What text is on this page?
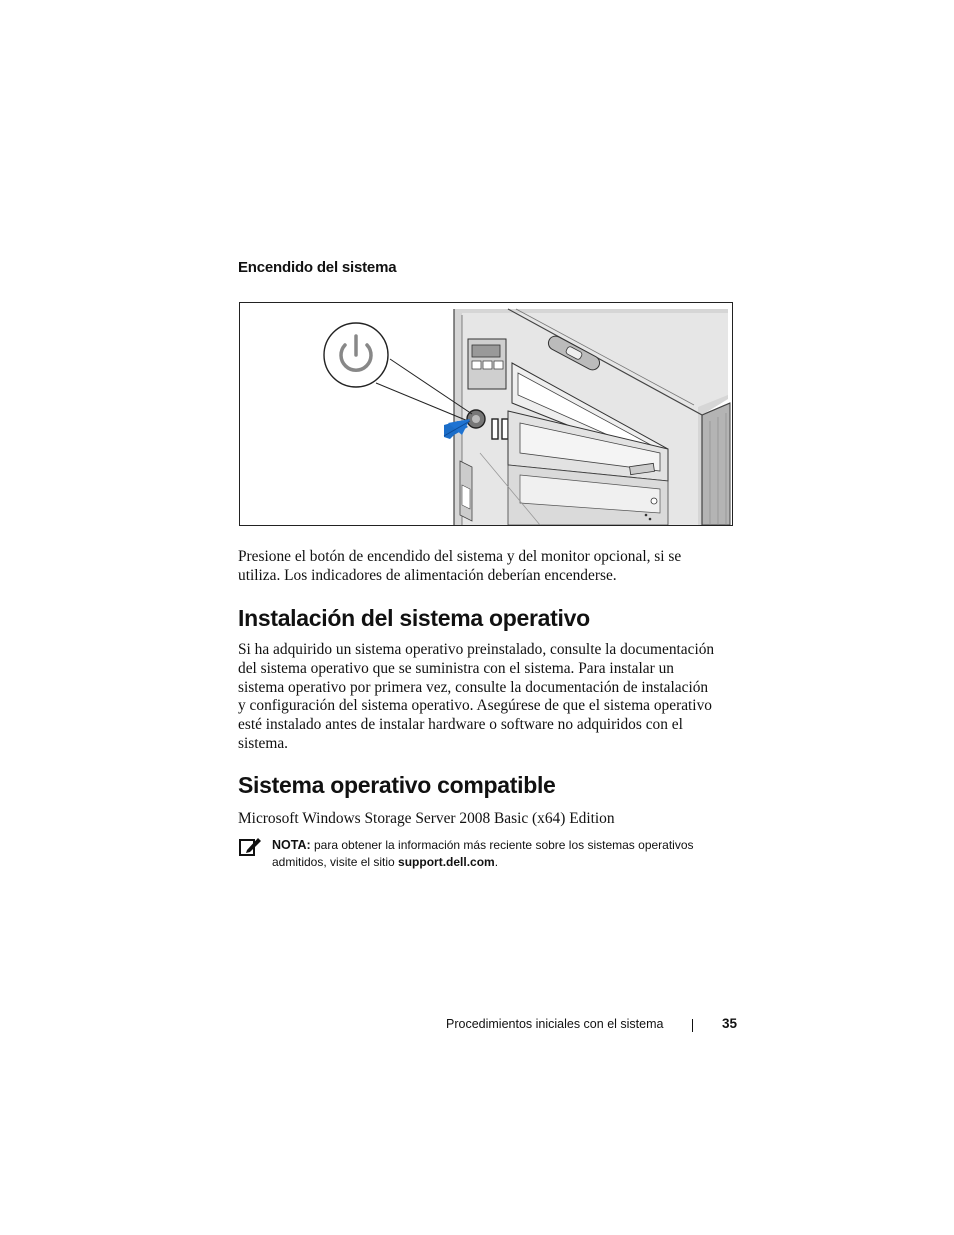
Encendido del sistema

Presione el botón de encendido del sistema y del monitor opcional, si se
utiliza. Los indicadores de alimentación deberían encenderse.

Instalación del sistema operativo

Si ha adquirido un sistema operativo preinstalado, consulte la documentación
del sistema operativo que se suministra con el sistema. Para instalar un
sistema operativo por primera vez, consulte la documentación de instalación
y configuración del sistema operativo. Asegúrese de que el sistema operativo
esté instalado antes de instalar hardware o software no adquiridos con el
sistema.

Sistema operativo compatible

Microsoft Windows Storage Server 2008 Basic (x64) Edition

NOTA: para obtener la información más reciente sobre los sistemas operativos
admitidos, visite el sitio support.dell.com.

Procedimientos iniciales con el sistema	35
